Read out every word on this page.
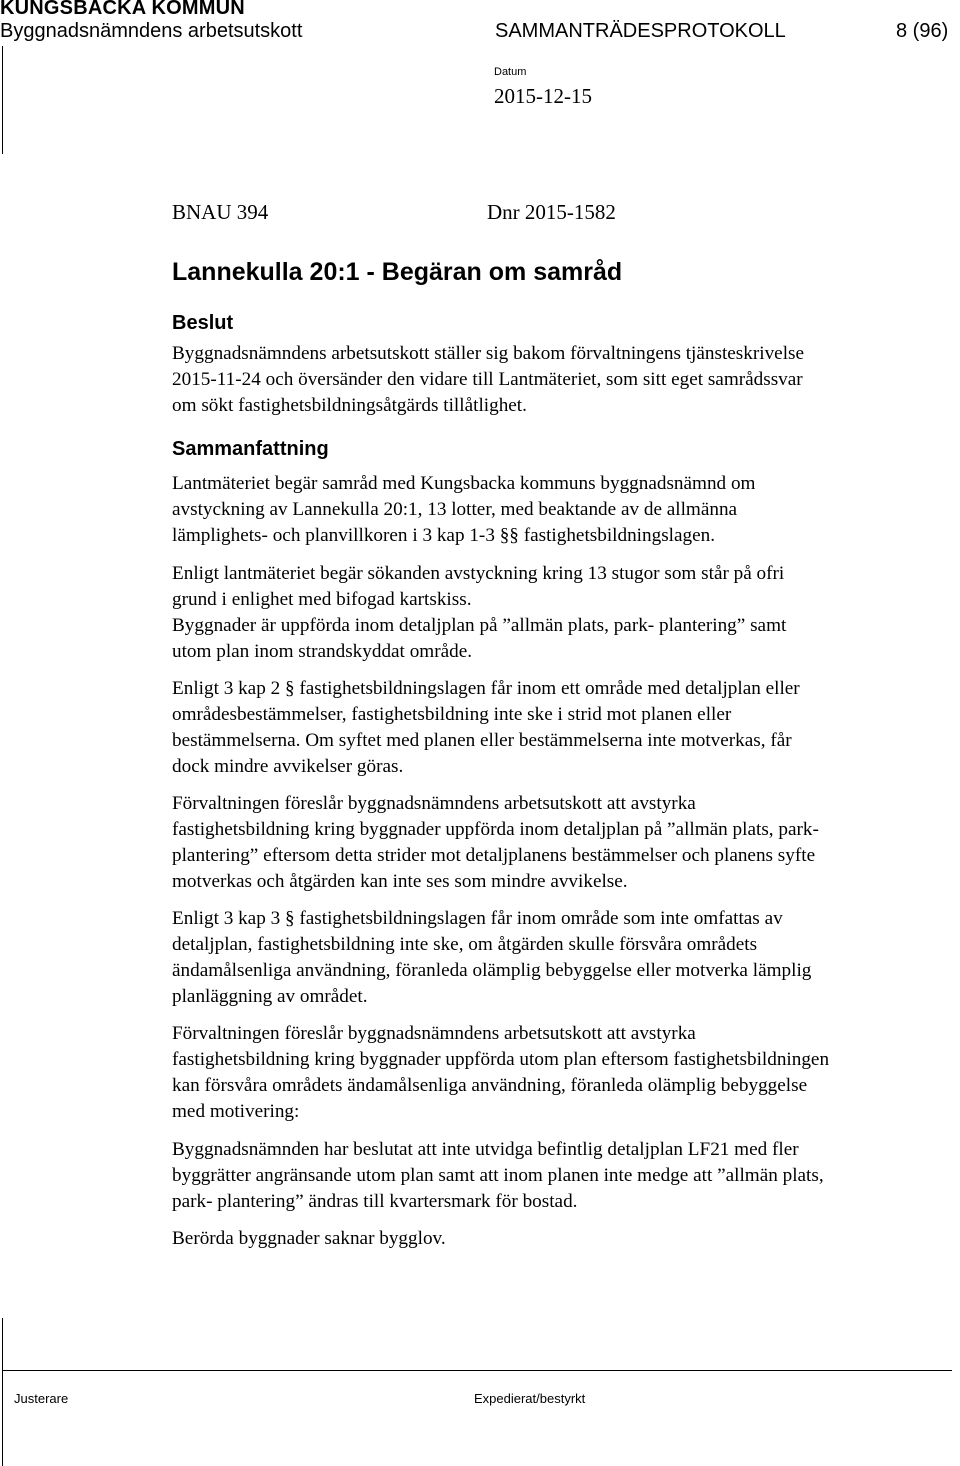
KUNGSBACKA KOMMUN
Byggnadsnämndens arbetsutskott	SAMMANTRÄDESPROTOKOLL	8 (96)
Datum
2015-12-15
BNAU 394	Dnr 2015-1582
Lannekulla 20:1 - Begäran om samråd
Beslut
Byggnadsnämndens arbetsutskott ställer sig bakom förvaltningens tjänsteskrivelse
2015-11-24 och översänder den vidare till Lantmäteriet, som sitt eget samrådssvar
om sökt fastighetsbildningsåtgärds tillåtlighet.
Sammanfattning
Lantmäteriet begär samråd med Kungsbacka kommuns byggnadsnämnd om
avstyckning av Lannekulla 20:1, 13 lotter, med beaktande av de allmänna
lämplighets- och planvillkoren i 3 kap 1-3 §§ fastighetsbildningslagen.
Enligt lantmäteriet begär sökanden avstyckning kring 13 stugor som står på ofri
grund i enlighet med bifogad kartskiss.
Byggnader är uppförda inom detaljplan på ”allmän plats, park- plantering” samt
utom plan inom strandskyddat område.
Enligt 3 kap 2 § fastighetsbildningslagen får inom ett område med detaljplan eller
områdesbestämmelser, fastighetsbildning inte ske i strid mot planen eller
bestämmelserna. Om syftet med planen eller bestämmelserna inte motverkas, får
dock mindre avvikelser göras.
Förvaltningen föreslår byggnadsnämndens arbetsutskott att avstyrka
fastighetsbildning kring byggnader uppförda inom detaljplan på ”allmän plats, park-
plantering” eftersom detta strider mot detaljplanens bestämmelser och planens syfte
motverkas och åtgärden kan inte ses som mindre avvikelse.
Enligt 3 kap 3 § fastighetsbildningslagen får inom område som inte omfattas av
detaljplan, fastighetsbildning inte ske, om åtgärden skulle försvåra områdets
ändamålsenliga användning, föranleda olämplig bebyggelse eller motverka lämplig
planläggning av området.
Förvaltningen föreslår byggnadsnämndens arbetsutskott att avstyrka
fastighetsbildning kring byggnader uppförda utom plan eftersom fastighetsbildningen
kan försvåra områdets ändamålsenliga användning, föranleda olämplig bebyggelse
med motivering:
Byggnadsnämnden har beslutat att inte utvidga befintlig detaljplan LF21 med fler
byggrätter angränsande utom plan samt att inom planen inte medge att ”allmän plats,
park- plantering” ändras till kvartersmark för bostad.
Berörda byggnader saknar bygglov.
Justerare	Expedierat/bestyrkt
